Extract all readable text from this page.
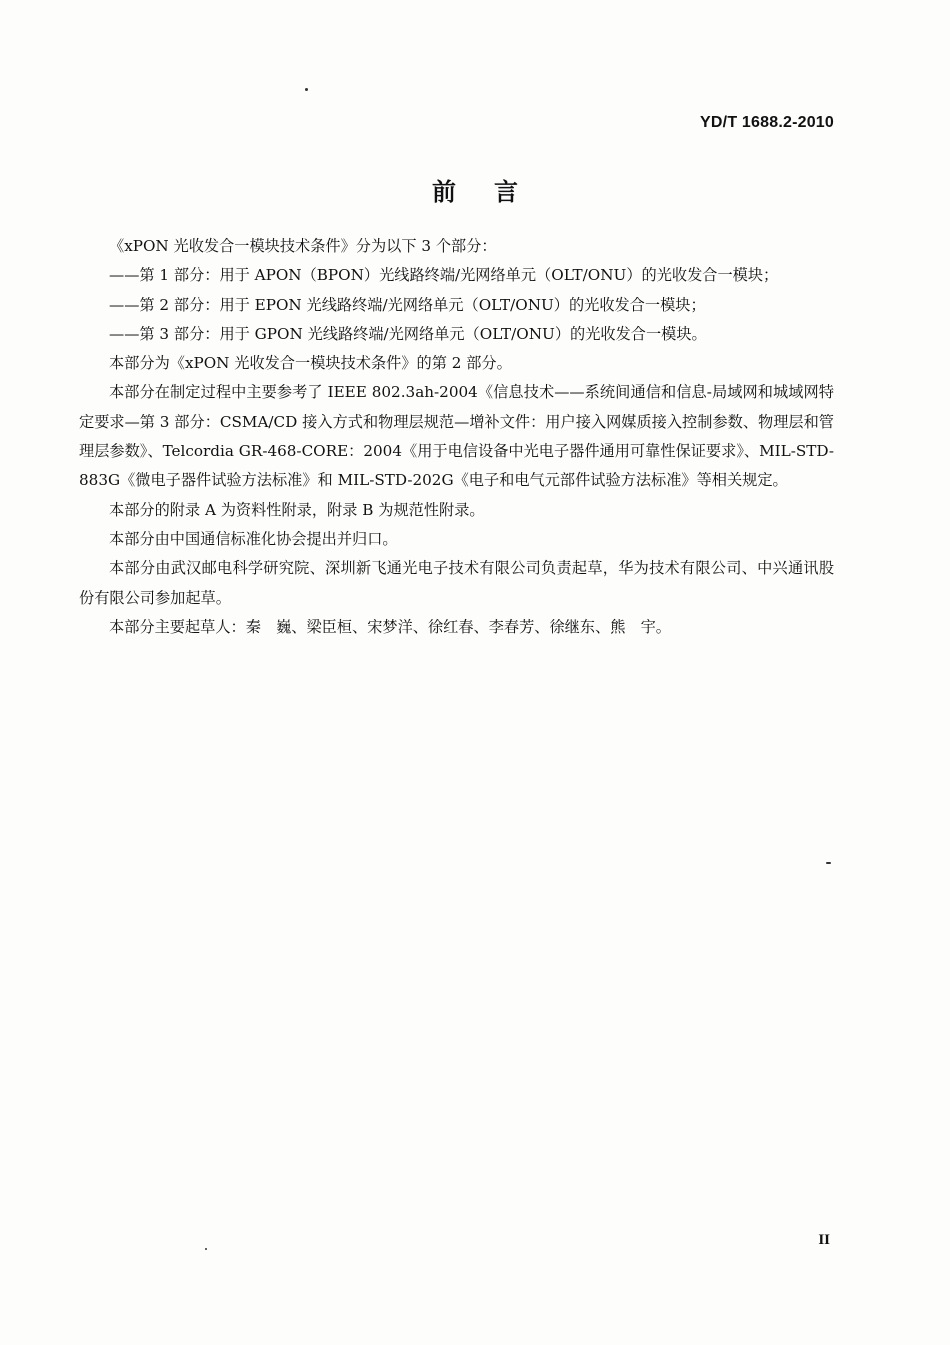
YD/T 1688.2-2010
前言

《xPON 光收发合一模块技术条件》分为以下 3 个部分：

——第 1 部分：用于 APON（BPON）光线路终端/光网络单元（OLT/ONU）的光收发合一模块；

——第 2 部分：用于 EPON 光线路终端/光网络单元（OLT/ONU）的光收发合一模块；

——第 3 部分：用于 GPON 光线路终端/光网络单元（OLT/ONU）的光收发合一模块。

本部分为《xPON 光收发合一模块技术条件》的第 2 部分。

本部分在制定过程中主要参考了 IEEE 802.3ah-2004《信息技术——系统间通信和信息-局域网和城域网特定要求—第 3 部分：CSMA/CD 接入方式和物理层规范—增补文件：用户接入网媒质接入控制参数、物理层和管理层参数》、Telcordia GR-468-CORE：2004《用于电信设备中光电子器件通用可靠性保证要求》、MIL-STD-883G《微电子器件试验方法标准》和 MIL-STD-202G《电子和电气元部件试验方法标准》等相关规定。

本部分的附录 A 为资料性附录，附录 B 为规范性附录。

本部分由中国通信标准化协会提出并归口。

本部分由武汉邮电科学研究院、深圳新飞通光电子技术有限公司负责起草，华为技术有限公司、中兴通讯股份有限公司参加起草。

本部分主要起草人：秦　巍、梁臣桓、宋梦洋、徐红春、李春芳、徐继东、熊　宇。

II
